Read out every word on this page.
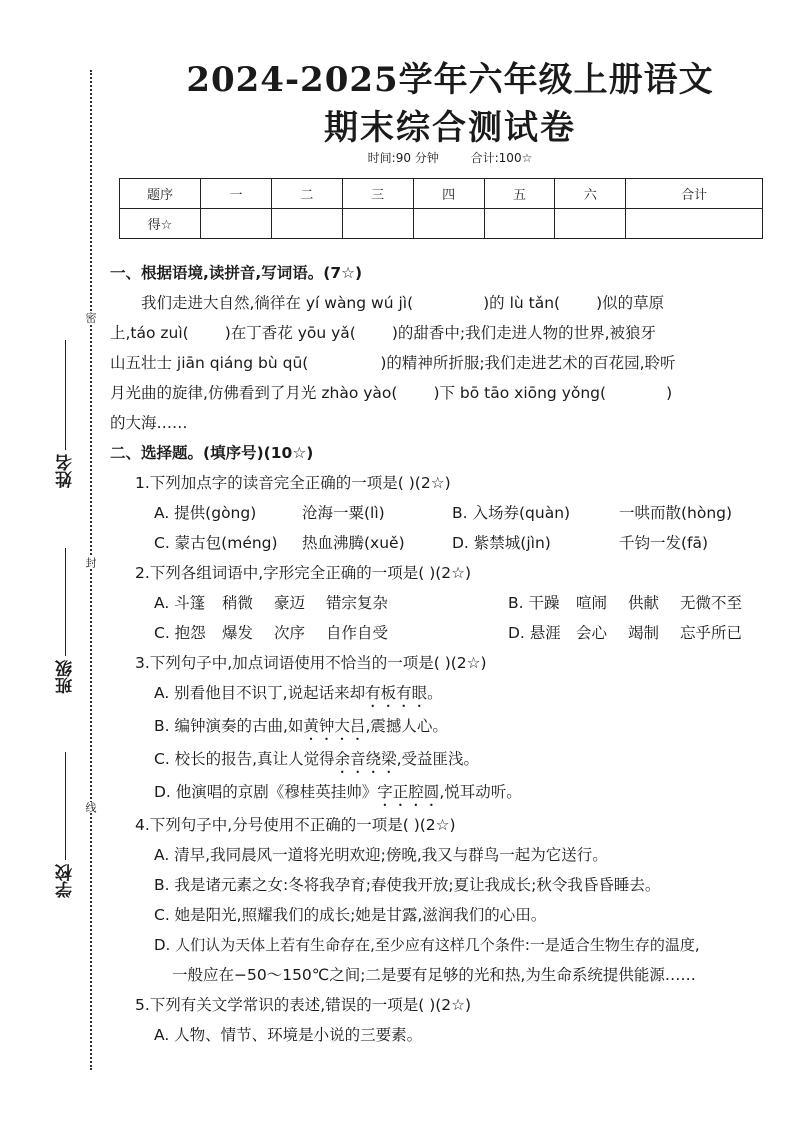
密
封
线
姓名
班级
学校
2024-2025学年六年级上册语文
期末综合测试卷
时间:90 分钟	合计:100☆
题序	一	二	三	四	五	六	合计
得☆							

一、根据语境,读拼音,写词语。(7☆)

我们走进大自然,徜徉在 yí wàng wú jì(	)的 lù tǎn( )似的草原

上,táo zuì( )在丁香花 yōu yǎ( )的甜香中;我们走进人物的世界,被狼牙

山五壮士 jiān qiáng bù qū(	)的精神所折服;我们走进艺术的百花园,聆听

月光曲的旋律,仿佛看到了月光 zhào yào( )下 bō tāo xiōng yǒng(	)

的大海……

二、选择题。(填序号)(10☆)

1.下列加点字的读音完全正确的一项是( )(2☆)

A. 提供(gòng)	沧海一粟(lì)	B. 入场券(quàn)	一哄而散(hòng)
C. 蒙古包(méng)	热血沸腾(xuě)	D. 紫禁城(jìn)	千钧一发(fā)

2.下列各组词语中,字形完全正确的一项是( )(2☆)

A. 斗篷	稍微	豪迈	错宗复杂	B. 干躁	喧闹	供献	无微不至
C. 抱怨	爆发	次序	自作自受	D. 悬涯 会心	竭制	忘乎所已

3.下列句子中,加点词语使用不恰当的一项是( )(2☆)

A. 别看他目不识丁,说起话来却有板有眼。

B. 编钟演奏的古曲,如黄钟大吕,震撼人心。

C. 校长的报告,真让人觉得余音绕梁,受益匪浅。

D. 他演唱的京剧《穆桂英挂帅》字正腔圆,悦耳动听。

4.下列句子中,分号使用不正确的一项是( )(2☆)

A. 清早,我同晨风一道将光明欢迎;傍晚,我又与群鸟一起为它送行。

B. 我是诸元素之女:冬将我孕育;春使我开放;夏让我成长;秋令我昏昏睡去。

C. 她是阳光,照耀我们的成长;她是甘露,滋润我们的心田。

D. 人们认为天体上若有生命存在,至少应有这样几个条件:一是适合生物生存的温度,

一般应在−50～150℃之间;二是要有足够的光和热,为生命系统提供能源……

5.下列有关文学常识的表述,错误的一项是( )(2☆)

A. 人物、情节、环境是小说的三要素。
